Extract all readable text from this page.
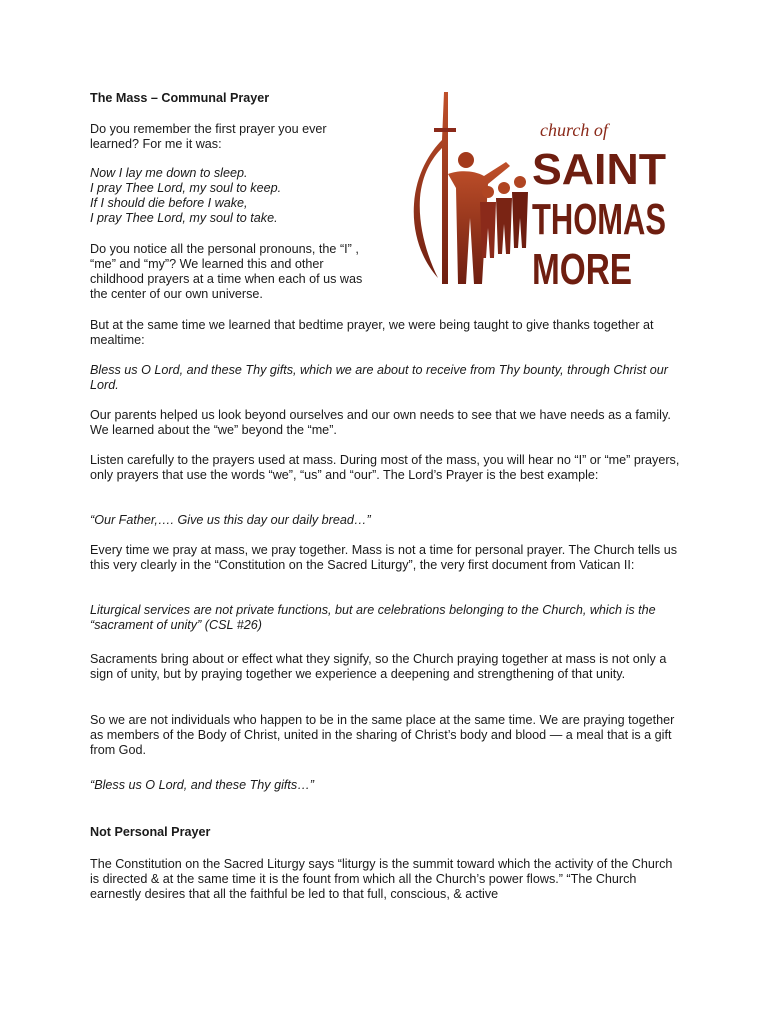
church of
SAINT
THOMAS
MORE

The Mass – Communal Prayer

Do you remember the first prayer you ever
learned? For me it was:

Now I lay me down to sleep.
I pray Thee Lord, my soul to keep.
If I should die before I wake,
I pray Thee Lord, my soul to take.

Do you notice all the personal pronouns, the “I” ,
“me” and “my”? We learned this and other
childhood prayers at a time when each of us was
the center of our own universe.

But at the same time we learned that bedtime prayer, we were being taught to give thanks together at mealtime:

Bless us O Lord, and these Thy gifts, which we are about to receive from Thy bounty, through Christ our Lord.

Our parents helped us look beyond ourselves and our own needs to see that we have needs as a family. We learned about the “we” beyond the “me”.

Listen carefully to the prayers used at mass. During most of the mass, you will hear no “I” or “me” prayers, only prayers that use the words “we”, “us” and “our”. The Lord’s Prayer is the best example:

“Our Father,…. Give us this day our daily bread…”

Every time we pray at mass, we pray together. Mass is not a time for personal prayer. The Church tells us this very clearly in the “Constitution on the Sacred Liturgy”, the very first document from Vatican II:

Liturgical services are not private functions, but are celebrations belonging to the Church, which is the “sacrament of unity” (CSL #26)

Sacraments bring about or effect what they signify, so the Church praying together at mass is not only a sign of unity, but by praying together we experience a deepening and strengthening of that unity.

So we are not individuals who happen to be in the same place at the same time. We are praying together as members of the Body of Christ, united in the sharing of Christ’s body and blood — a meal that is a gift from God.

“Bless us O Lord, and these Thy gifts…”

Not Personal Prayer

The Constitution on the Sacred Liturgy says “liturgy is the summit toward which the activity of the Church is directed & at the same time it is the fount from which all the Church’s power flows.” “The Church earnestly desires that all the faithful be led to that full, conscious, & active
